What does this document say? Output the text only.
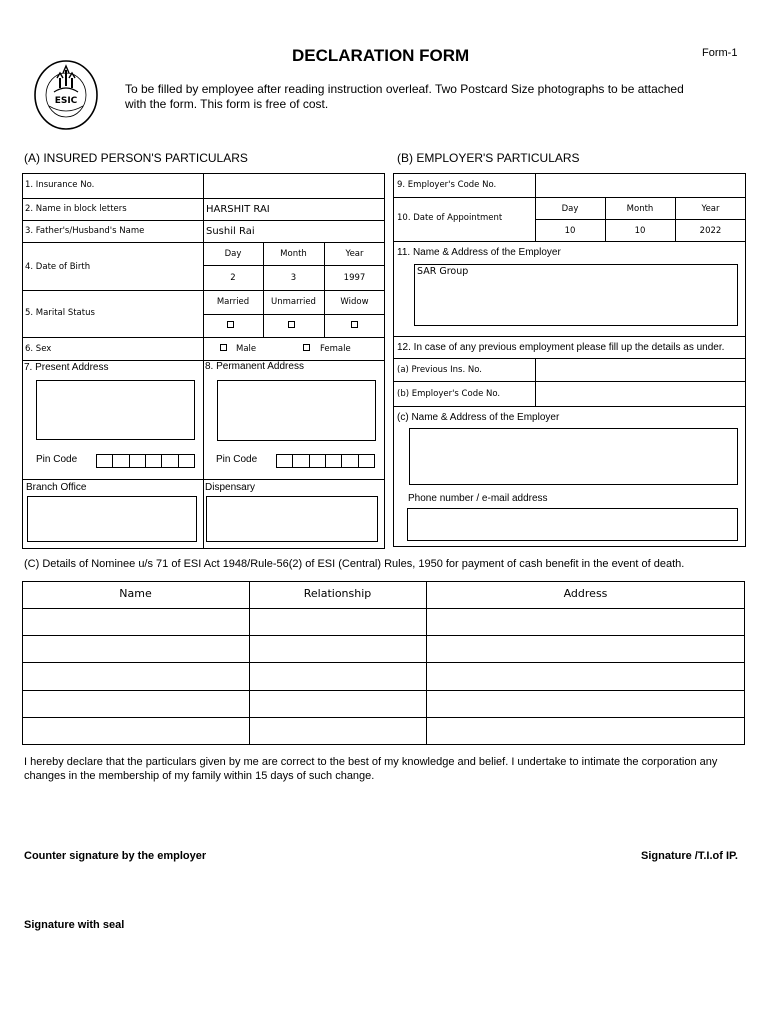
ESIC
DECLARATION FORM	Form-1
To be filled by employee after reading instruction overleaf. Two Postcard Size photographs to be attached
with the form. This form is free of cost.
(A) INSURED PERSON'S PARTICULARS
1. Insurance No.
2. Name in block letters	HARSHIT RAI
3. Father's/Husband's Name	Sushil Rai
4. Date of Birth
Day	Month	Year
2	3	1997
5. Marital Status
Married	Unmarried	Widow
6. Sex	Male	Female
7. Present Address	8. Permanent Address
Pin Code	Pin Code
Branch Office	Dispensary
(B) EMPLOYER'S PARTICULARS
9. Employer's Code No.
10. Date of Appointment
Day	Month	Year
10	10	2022
11. Name & Address of the Employer
SAR Group
12. In case of any previous employment please fill up the details as under.
(a) Previous Ins. No.
(b) Employer's Code No.
(c) Name & Address of the Employer
Phone number / e-mail address
(C) Details of Nominee u/s 71 of ESI Act 1948/Rule-56(2) of ESI (Central) Rules, 1950 for payment of cash benefit in the event of death.
Name	Relationship	Address
I hereby declare that the particulars given by me are correct to the best of my knowledge and belief. I undertake to intimate the corporation any
changes in the membership of my family within 15 days of such change.
Counter signature by the employer	Signature /T.I.of IP.
Signature with seal
